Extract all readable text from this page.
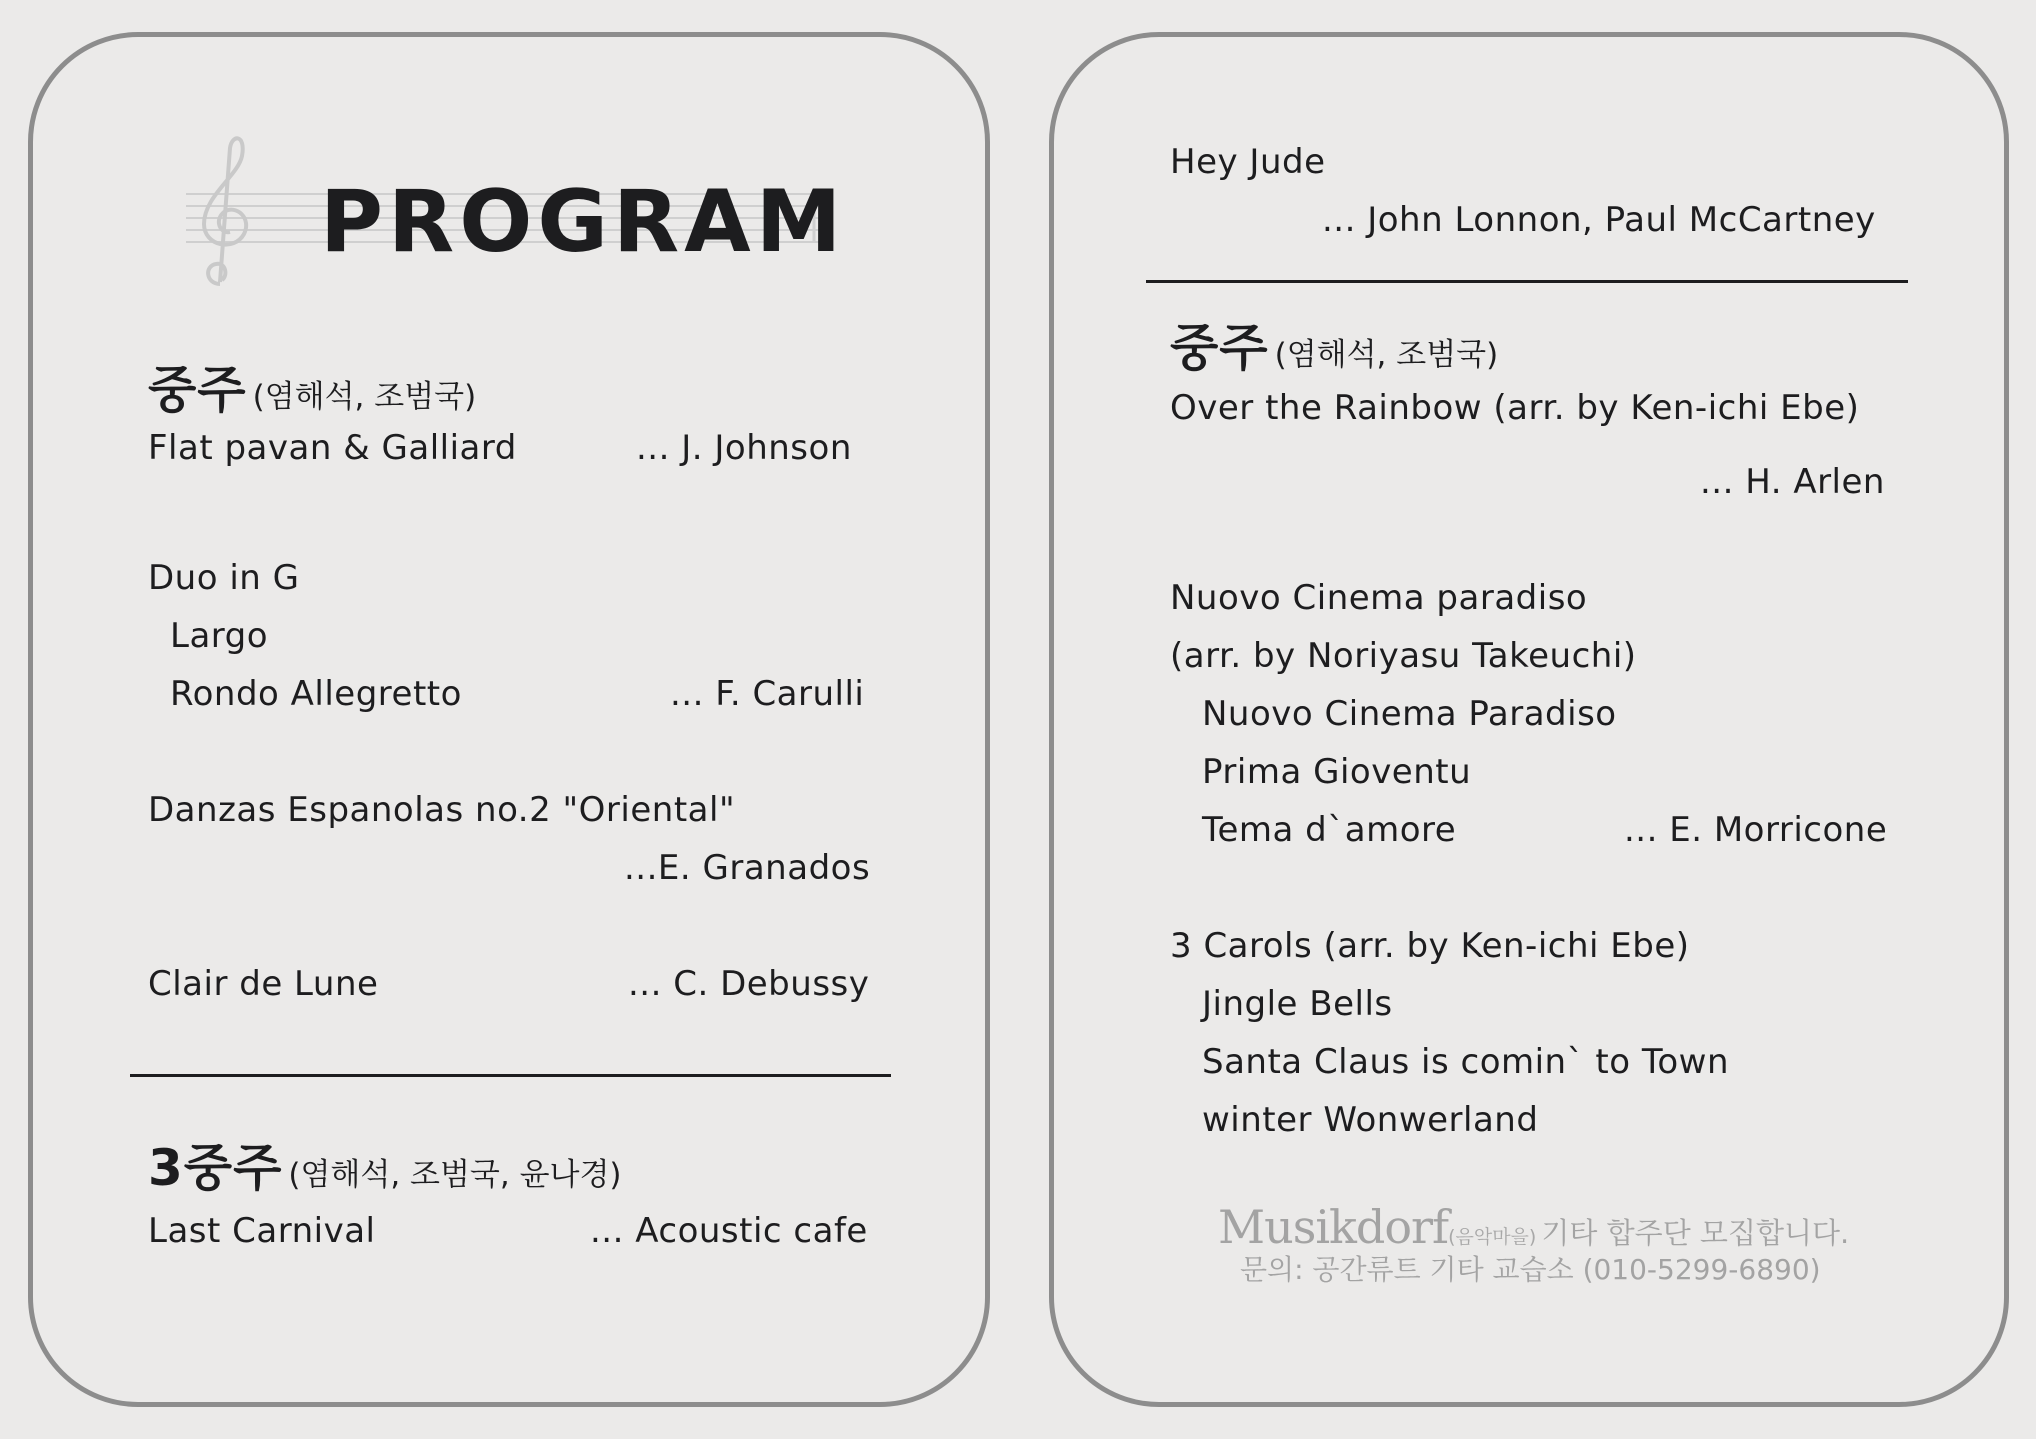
PROGRAM
중주 (염해석, 조범국)
Flat pavan & Galliard	... J. Johnson
Duo in G
Largo
Rondo Allegretto	... F. Carulli
Danzas Espanolas no.2 "Oriental"
...E. Granados
Clair de Lune	... C. Debussy
3중주 (염해석, 조범국, 윤나경)
Last Carnival	... Acoustic cafe
Hey Jude
... John Lonnon, Paul McCartney
중주 (염해석, 조범국)
Over the Rainbow (arr. by Ken-ichi Ebe)
... H. Arlen
Nuovo Cinema paradiso
(arr. by Noriyasu Takeuchi)
Nuovo Cinema Paradiso
Prima Gioventu
Tema d`amore	... E. Morricone
3 Carols (arr. by Ken-ichi Ebe)
Jingle Bells
Santa Claus is comin` to Town
winter Wonwerland
Musikdorf(음악마을) 기타 합주단 모집합니다.
문의: 공간류트 기타 교습소 (010-5299-6890)
